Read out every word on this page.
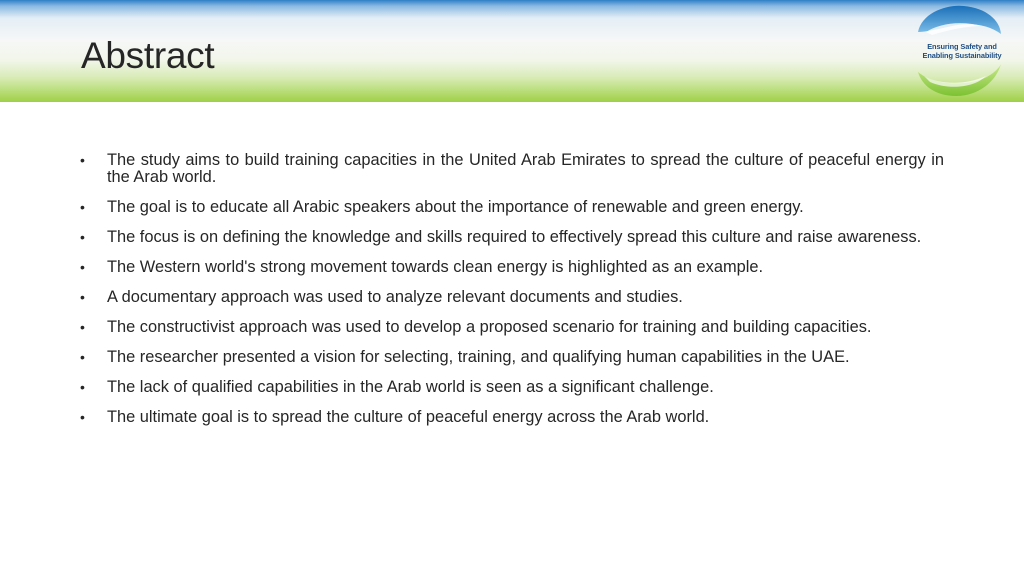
Abstract	Ensuring Safety and
Enabling Sustainability
• The study aims to build training capacities in the United Arab Emirates to spread the culture of peaceful energy in the Arab world.
• The goal is to educate all Arabic speakers about the importance of renewable and green energy.
• The focus is on defining the knowledge and skills required to effectively spread this culture and raise awareness.
• The Western world's strong movement towards clean energy is highlighted as an example.
• A documentary approach was used to analyze relevant documents and studies.
• The constructivist approach was used to develop a proposed scenario for training and building capacities.
• The researcher presented a vision for selecting, training, and qualifying human capabilities in the UAE.
• The lack of qualified capabilities in the Arab world is seen as a significant challenge.
• The ultimate goal is to spread the culture of peaceful energy across the Arab world.
